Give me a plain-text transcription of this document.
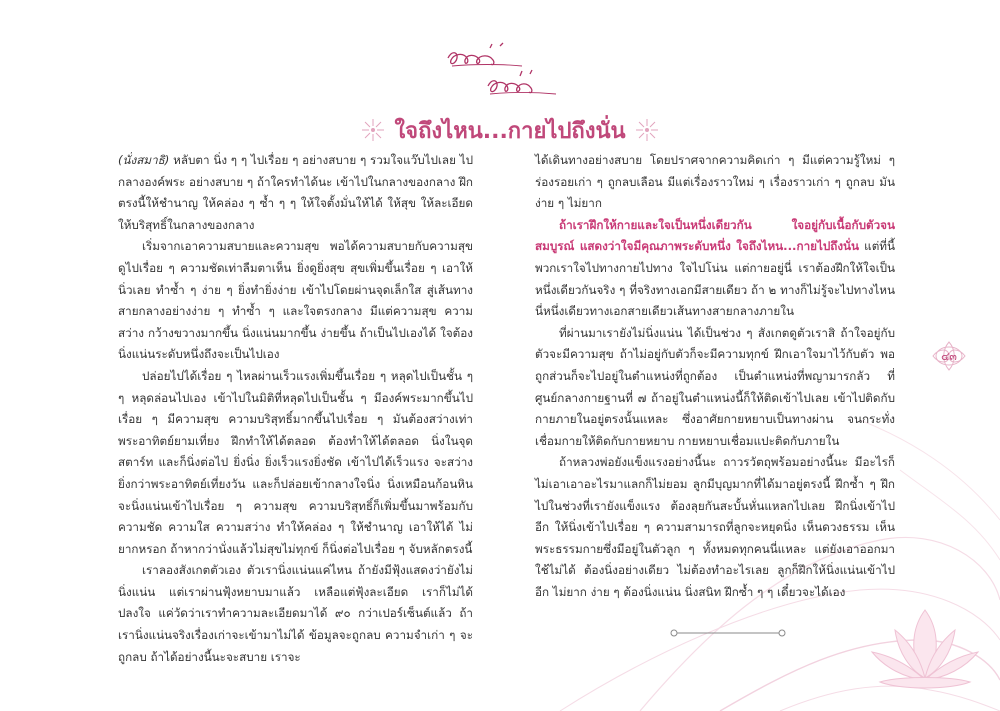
ใจถึงไหน...กายไปถึงนั่น

(นั่งสมาธิ) หลับตา นิ่ง ๆ ๆ ไปเรื่อย ๆ อย่างสบาย ๆ รวมใจแว๊บไปเลย ไปกลางองค์พระ อย่างสบาย ๆ ถ้าใครทำได้นะ เข้าไปในกลางของกลาง ฝึกตรงนี้ให้ชำนาญ ให้คล่อง ๆ ซ้ำ ๆ ๆ ให้ใจตั้งมั่นให้ได้ ให้สุข ให้ละเอียด ให้บริสุทธิ์ในกลางของกลาง

เริ่มจากเอาความสบายและความสุข พอได้ความสบายกับความสุข ดูไปเรื่อย ๆ ความชัดเท่าลืมตาเห็น ยิ่งดูยิ่งสุข สุขเพิ่มขึ้นเรื่อย ๆ เอาให้นิ่วเลย ทำซ้ำ ๆ ง่าย ๆ ยิ่งทำยิ่งง่าย เข้าไปโดยผ่านจุดเล็กใส สู่เส้นทางสายกลางอย่างง่าย ๆ ทำซ้ำ ๆ และใจตรงกลาง มีแต่ความสุข ความสว่าง กว้างขวางมากขึ้น นิ่งแน่นมากขึ้น ง่ายขึ้น ถ้าเป็นไปเองได้ ใจต้องนิ่งแน่นระดับหนึ่งถึงจะเป็นไปเอง

ปล่อยไปได้เรื่อย ๆ ไหลผ่านเร็วแรงเพิ่มขึ้นเรื่อย ๆ หลุดไปเป็นชั้น ๆ ๆ หลุดล่อนไปเอง เข้าไปในมิติที่หลุดไปเป็นชั้น ๆ มีองค์พระมากขึ้นไปเรื่อย ๆ มีความสุข ความบริสุทธิ์มากขึ้นไปเรื่อย ๆ มันต้องสว่างเท่าพระอาทิตย์ยามเที่ยง ฝึกทำให้ได้ตลอด ต้องทำให้ได้ตลอด นิ่งในจุดสตาร์ท และก็นิ่งต่อไป ยิ่งนิ่ง ยิ่งเร็วแรงยิ่งชัด เข้าไปได้เร็วแรง จะสว่างยิ่งกว่าพระอาทิตย์เที่ยงวัน และก็ปล่อยเข้ากลางใจนิ่ง นิ่งเหมือนก้อนหิน จะนิ่งแน่นเข้าไปเรื่อย ๆ ความสุข ความบริสุทธิ์ก็เพิ่มขึ้นมาพร้อมกับความชัด ความใส ความสว่าง ทำให้คล่อง ๆ ให้ชำนาญ เอาให้ได้ ไม่ยากหรอก ถ้าหากว่านั่งแล้วไม่สุขไม่ทุกข์ ก็นิ่งต่อไปเรื่อย ๆ จับหลักตรงนี้

เราลองสังเกตตัวเอง ตัวเรานิ่งแน่นแค่ไหน ถ้ายังมีฟุ้งแสดงว่ายังไม่นิ่งแน่น แต่เราผ่านฟุ้งหยาบมาแล้ว เหลือแต่ฟุ้งละเอียด เราก็ไม่ได้ปลงใจ แค่วัดว่าเราทำความละเอียดมาได้ ๙๐ กว่าเปอร์เซ็นต์แล้ว ถ้าเรานิ่งแน่นจริงเรื่องเก่าจะเข้ามาไม่ได้ ข้อมูลจะถูกลบ ความจำเก่า ๆ จะถูกลบ ถ้าได้อย่างนี้นะจะสบาย เราจะ

ได้เดินทางอย่างสบาย โดยปราศจากความคิดเก่า ๆ มีแต่ความรู้ใหม่ ๆ ร่องรอยเก่า ๆ ถูกลบเลือน มีแต่เรื่องราวใหม่ ๆ เรื่องราวเก่า ๆ ถูกลบ มันง่าย ๆ ไม่ยาก

ถ้าเราฝึกให้กายและใจเป็นหนึ่งเดียวกัน ใจอยู่กับเนื้อกับตัวจนสมบูรณ์ แสดงว่าใจมีคุณภาพระดับหนึ่ง ใจถึงไหน...กายไปถึงนั่น แต่ที่นี้พวกเราใจไปทางกายไปทาง ใจไปโน่น แต่กายอยู่นี่ เราต้องฝึกให้ใจเป็นหนึ่งเดียวกันจริง ๆ ที่จริงทางเอกมีสายเดียว ถ้า ๒ ทางก็ไม่รู้จะไปทางไหน นี่หนึ่งเดียวทางเอกสายเดียวเส้นทางสายกลางภายใน

ที่ผ่านมาเรายังไม่นิ่งแน่น ได้เป็นช่วง ๆ สังเกตดูตัวเราสิ ถ้าใจอยู่กับตัวจะมีความสุข ถ้าไม่อยู่กับตัวก็จะมีความทุกข์ ฝึกเอาใจมาไว้กับตัว พอถูกส่วนก็จะไปอยู่ในตำแหน่งที่ถูกต้อง เป็นตำแหน่งที่พญามารกลัว ที่ศูนย์กลางกายฐานที่ ๗ ถ้าอยู่ในตำแหน่งนี้ก็ให้ติดเข้าไปเลย เข้าไปติดกับกายภายในอยู่ตรงนั้นแหละ ซึ่งอาศัยกายหยาบเป็นทางผ่าน จนกระทั่งเชื่อมกายให้ติดกับกายหยาบ กายหยาบเชื่อมแปะติดกับภายใน

ถ้าหลวงพ่อยังแข็งแรงอย่างนี้นะ ถาวรวัตถุพร้อมอย่างนี้นะ มีอะไรก็ไม่เอาเอาอะไรมาแลกก็ไม่ยอม ลูกมีบุญมากที่ได้มาอยู่ตรงนี้ ฝึกซ้ำ ๆ ฝึกไปในช่วงที่เรายังแข็งแรง ต้องลุยกันสะบั้นหั่นแหลกไปเลย ฝึกนิ่งเข้าไปอีก ให้นิ่งเข้าไปเรื่อย ๆ ความสามารถที่ลูกจะหยุดนิ่ง เห็นดวงธรรม เห็นพระธรรมกายซึ่งมีอยู่ในตัวลูก ๆ ทั้งหมดทุกคนนี่แหละ แต่ยังเอาออกมาใช้ไม่ได้ ต้องนิ่งอย่างเดียว ไม่ต้องทำอะไรเลย ลูกก็ฝึกให้นิ่งแน่นเข้าไปอีก ไม่ยาก ง่าย ๆ ต้องนิ่งแน่น นิ่งสนิท ฝึกซ้ำ ๆ ๆ เดี๋ยวจะได้เอง

๔๓
